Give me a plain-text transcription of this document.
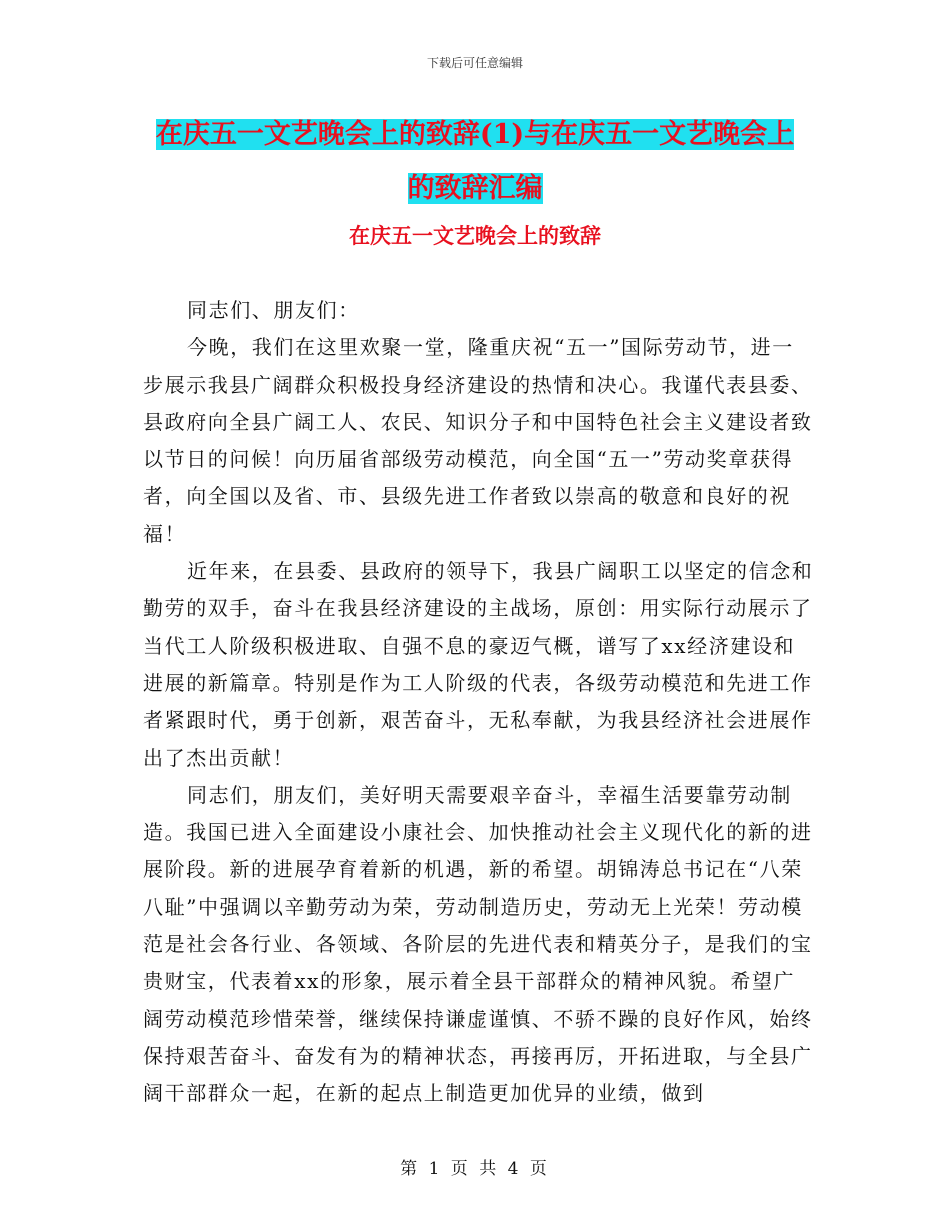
下载后可任意编辑
在庆五一文艺晚会上的致辞(1)与在庆五一文艺晚会上
的致辞汇编
在庆五一文艺晚会上的致辞

同志们、朋友们：

今晚，我们在这里欢聚一堂，隆重庆祝“五一”国际劳动节，进一步展示我县广阔群众积极投身经济建设的热情和决心。我谨代表县委、县政府向全县广阔工人、农民、知识分子和中国特色社会主义建设者致以节日的问候！向历届省部级劳动模范，向全国“五一”劳动奖章获得者，向全国以及省、市、县级先进工作者致以崇高的敬意和良好的祝福！

近年来，在县委、县政府的领导下，我县广阔职工以坚定的信念和勤劳的双手，奋斗在我县经济建设的主战场，原创：用实际行动展示了当代工人阶级积极进取、自强不息的豪迈气概，谱写了xx经济建设和进展的新篇章。特别是作为工人阶级的代表，各级劳动模范和先进工作者紧跟时代，勇于创新，艰苦奋斗，无私奉献，为我县经济社会进展作出了杰出贡献！

同志们，朋友们，美好明天需要艰辛奋斗，幸福生活要靠劳动制造。我国已进入全面建设小康社会、加快推动社会主义现代化的新的进展阶段。新的进展孕育着新的机遇，新的希望。胡锦涛总书记在“八荣八耻”中强调以辛勤劳动为荣，劳动制造历史，劳动无上光荣！劳动模范是社会各行业、各领域、各阶层的先进代表和精英分子，是我们的宝贵财宝，代表着xx的形象，展示着全县干部群众的精神风貌。希望广阔劳动模范珍惜荣誉，继续保持谦虚谨慎、不骄不躁的良好作风，始终保持艰苦奋斗、奋发有为的精神状态，再接再厉，开拓进取，与全县广阔干部群众一起，在新的起点上制造更加优异的业绩，做到

第 1 页 共 4 页
